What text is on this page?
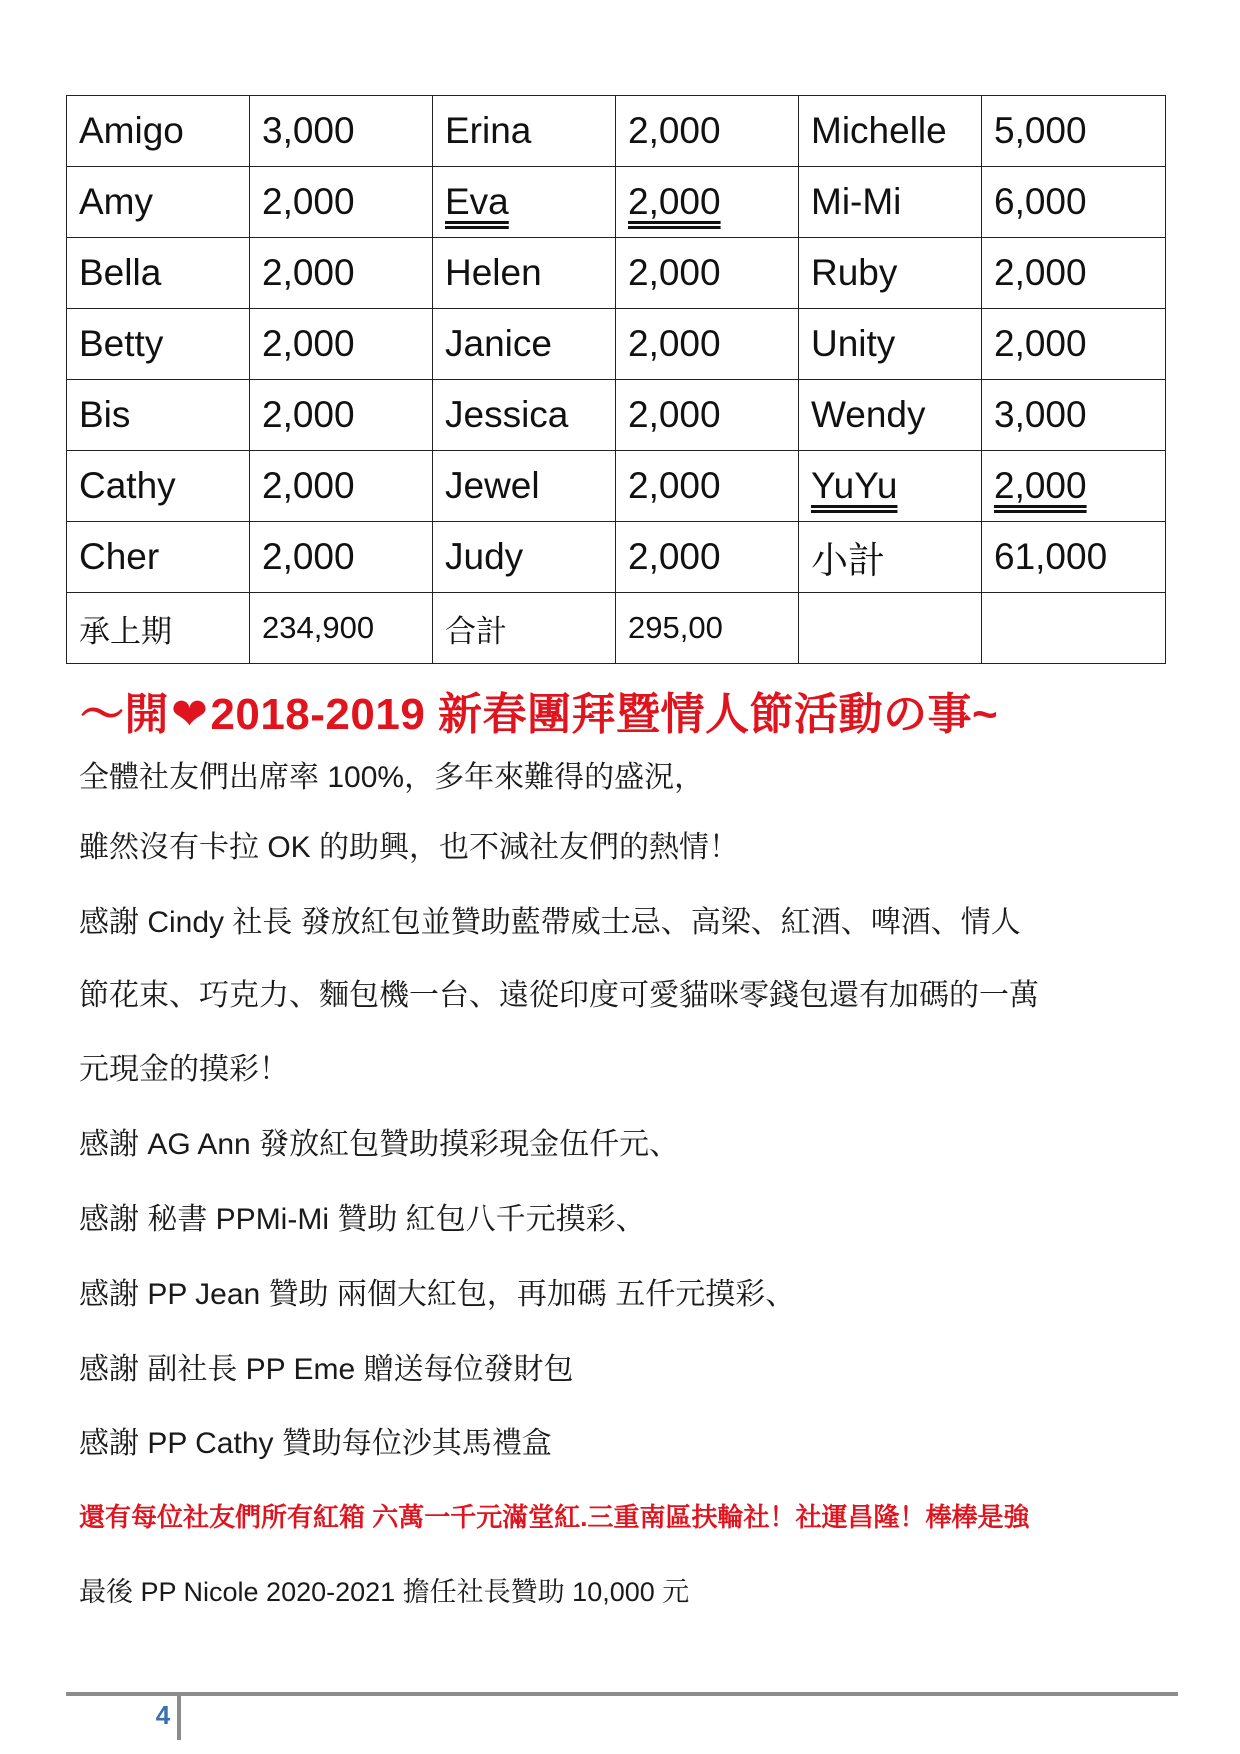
Amigo	3,000	Erina	2,000	Michelle	5,000
Amy	2,000	Eva	2,000	Mi-Mi	6,000
Bella	2,000	Helen	2,000	Ruby	2,000
Betty	2,000	Janice	2,000	Unity	2,000
Bis	2,000	Jessica	2,000	Wendy	3,000
Cathy	2,000	Jewel	2,000	YuYu	2,000
Cher	2,000	Judy	2,000	小計	61,000
承上期	234,900	合計	295,00		
～開❤2018-2019 新春團拜暨情人節活動の事~
全體社友們出席率 100%，多年來難得的盛況，
雖然沒有卡拉 OK 的助興，也不減社友們的熱情！
感謝 Cindy 社長 發放紅包並贊助藍帶威士忌、高梁、紅酒、啤酒、情人
節花束、巧克力、麵包機一台、遠從印度可愛貓咪零錢包還有加碼的一萬
元現金的摸彩！
感謝 AG Ann 發放紅包贊助摸彩現金伍仟元、
感謝 秘書 PPMi-Mi 贊助 紅包八千元摸彩、
感謝 PP Jean 贊助 兩個大紅包，再加碼 五仟元摸彩、
感謝 副社長 PP Eme 贈送每位發財包
感謝 PP Cathy 贊助每位沙其馬禮盒
還有每位社友們所有紅箱 六萬一千元滿堂紅.三重南區扶輪社！社運昌隆！棒棒是強
最後 PP Nicole 2020-2021 擔任社長贊助 10,000 元
4
